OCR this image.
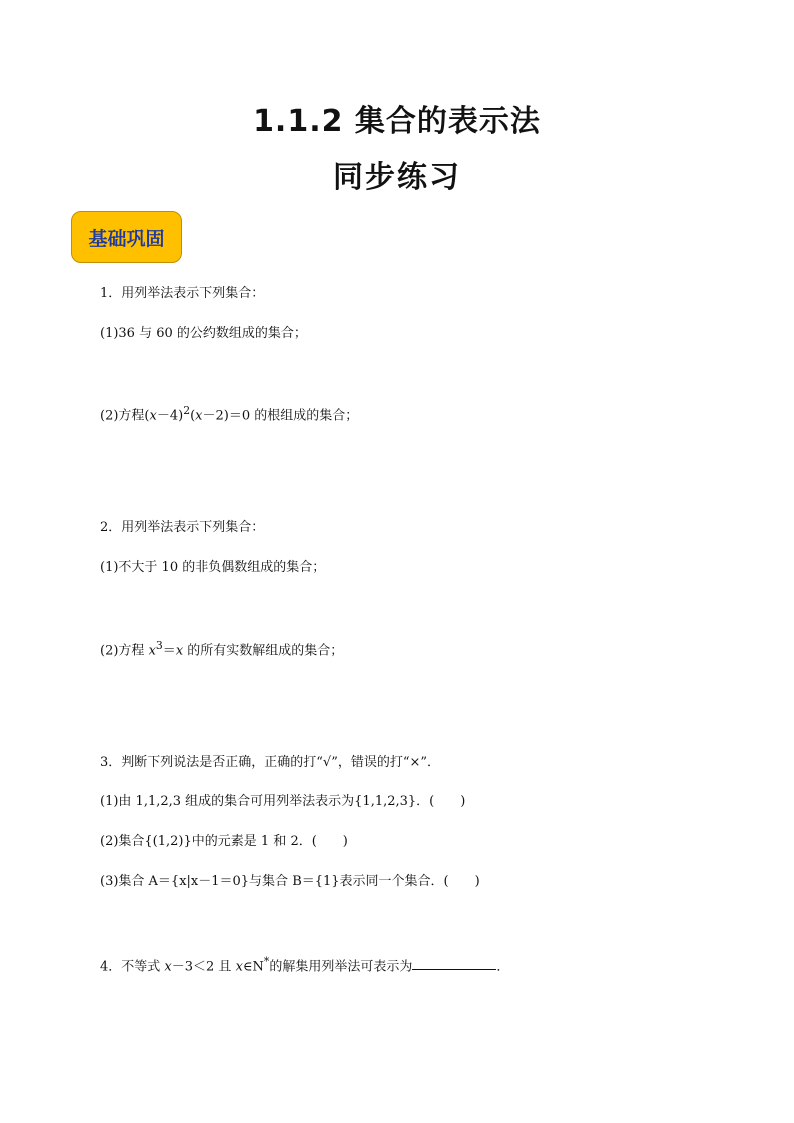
1.1.2 集合的表示法
同步练习
基础巩固
1．用列举法表示下列集合：
(1)36 与 60 的公约数组成的集合；
(2)方程$(x-4)^2(x-2)=0$ 的根组成的集合；
2．用列举法表示下列集合：
(1)不大于 10 的非负偶数组成的集合；
(2)方程 $x^3=x$ 的所有实数解组成的集合；
3．判断下列说法是否正确，正确的打“√”，错误的打“×”．
(1)由 1,1,2,3 组成的集合可用列举法表示为{1,1,2,3}．(　　)
(2)集合{(1,2)}中的元素是 1 和 2．(　　)
(3)集合 A＝{x|x－1＝0}与集合 B＝{1}表示同一个集合．(　　)
4．不等式 x－3＜2 且 x∈N*的解集用列举法可表示为	．
